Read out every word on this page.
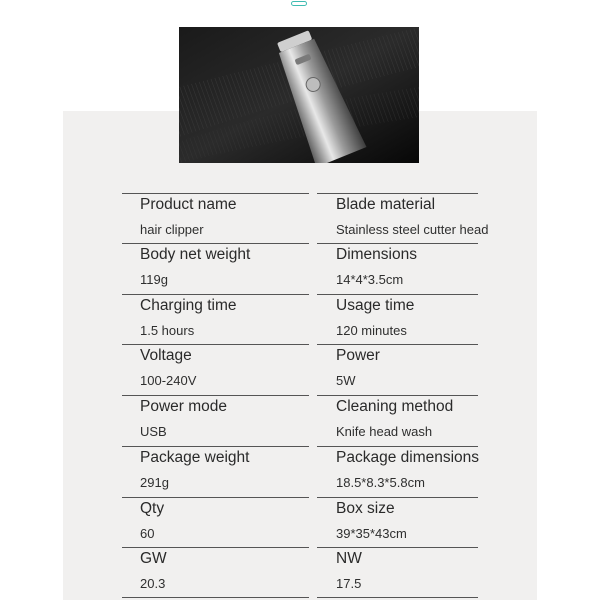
Product name
hair clipper
Blade material
Stainless steel cutter head
Body net weight
119g
Dimensions
14*4*3.5cm
Charging time
1.5 hours
Usage time
120 minutes
Voltage
100-240V
Power
5W
Power mode
USB
Cleaning method
Knife head wash
Package weight
291g
Package dimensions
18.5*8.3*5.8cm
Qty
60
Box size
39*35*43cm
GW
20.3
NW
17.5
